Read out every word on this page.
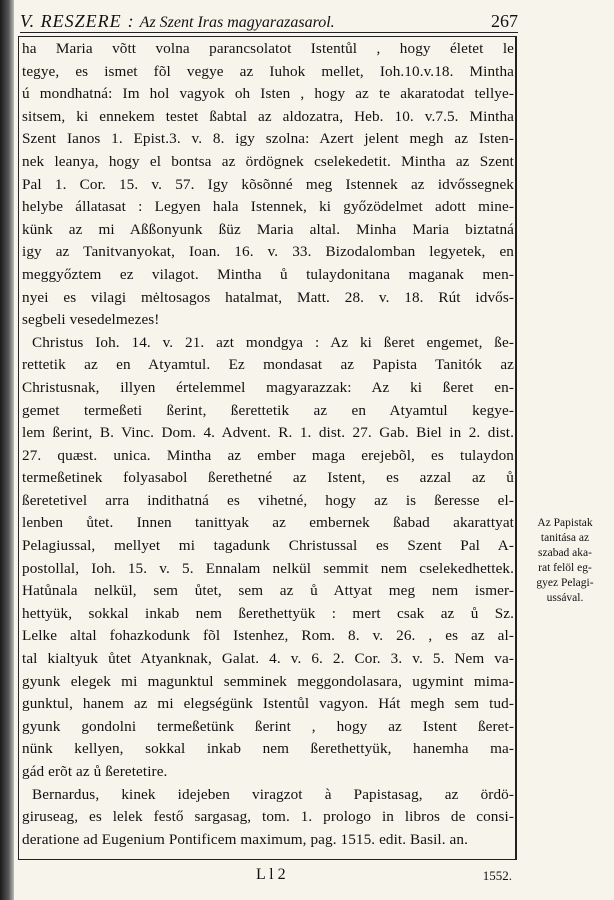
V. RESZERE : Az Szent Iras magyarazasarol.	267
ha Maria võtt volna parancsolatot Istentůl , hogy életet le
tegye, es ismet fõl vegye az Iuhok mellet, Ioh.10.v.18. Mintha
ú mondhatná: Im hol vagyok oh Isten , hogy az te akaratodat tellye-
sitsem, ki ennekem testet ßabtal az aldozatra, Heb. 10. v.7.5. Mintha
Szent Ianos 1. Epist.3. v. 8. igy szolna: Azert jelent megh az Isten-
nek leanya, hogy el bontsa az ördögnek cselekedetit. Mintha az Szent
Pal 1. Cor. 15. v. 57. Igy kõsõnné meg Istennek az idvőssegnek
helybe állatasat : Legyen hala Istennek, ki győzödelmet adott mine-
künk az mi Aßßonyunk ßüz Maria altal. Minha Maria biztatná
igy az Tanitvanyokat, Ioan. 16. v. 33. Bizodalomban legyetek, en
meggyőztem ez vilagot. Mintha ů tulaydonitana maganak men-
nyei es vilagi mėltosagos hatalmat, Matt. 28. v. 18. Rút idvős-
segbeli vesedelmezes!
Christus Ioh. 14. v. 21. azt mondgya : Az ki ßeret engemet, ße-
rettetik az en Atyamtul. Ez mondasat az Papista Tanitók az
Christusnak, illyen értelemmel magyarazzak: Az ki ßeret en-
gemet termeßeti ßerint, ßerettetik az en Atyamtul kegye-
lem ßerint, B. Vinc. Dom. 4. Advent. R. 1. dist. 27. Gab. Biel in 2. dist.
27. quæst. unica. Mintha az ember maga erejebõl, es tulaydon
termeßetinek folyasabol ßerethetné az Istent, es azzal az ů
ßeretetivel arra indithatná es vihetné, hogy az is ßeresse el-
lenben ůtet. Innen tanittyak az embernek ßabad akarattyat
Pelagiussal, mellyet mi tagadunk Christussal es Szent Pal A-
postollal, Ioh. 15. v. 5. Ennalam nelkül semmit nem cselekedhettek.
Hatůnala nelkül, sem ůtet, sem az ů Attyat meg nem ismer-
hettyük, sokkal inkab nem ßerethettyük : mert csak az ů Sz.
Lelke altal fohazkodunk fõl Istenhez, Rom. 8. v. 26. , es az al-
tal kialtyuk ůtet Atyanknak, Galat. 4. v. 6. 2. Cor. 3. v. 5. Nem va-
gyunk elegek mi magunktul semminek meggondolasara, ugymint mima-
gunktul, hanem az mi elegségünk Istentůl vagyon. Hát megh sem tud-
gyunk gondolni termeßetünk ßerint , hogy az Istent ßeret-
nünk kellyen, sokkal inkab nem ßerethettyük, hanemha ma-
gád erõt az ů ßeretetire.
Bernardus, kinek idejeben viragzot à Papistasag, az ördö-
giruseag, es lelek festő sargasag, tom. 1. prologo in libros de consi-
deratione ad Eugenium Pontificem maximum, pag. 1515. edit. Basil. an.
Az Papistak
tanitása az
szabad aka-
rat felöl eg-
gyez Pelagi-
ussával.
L l 2	1552.
